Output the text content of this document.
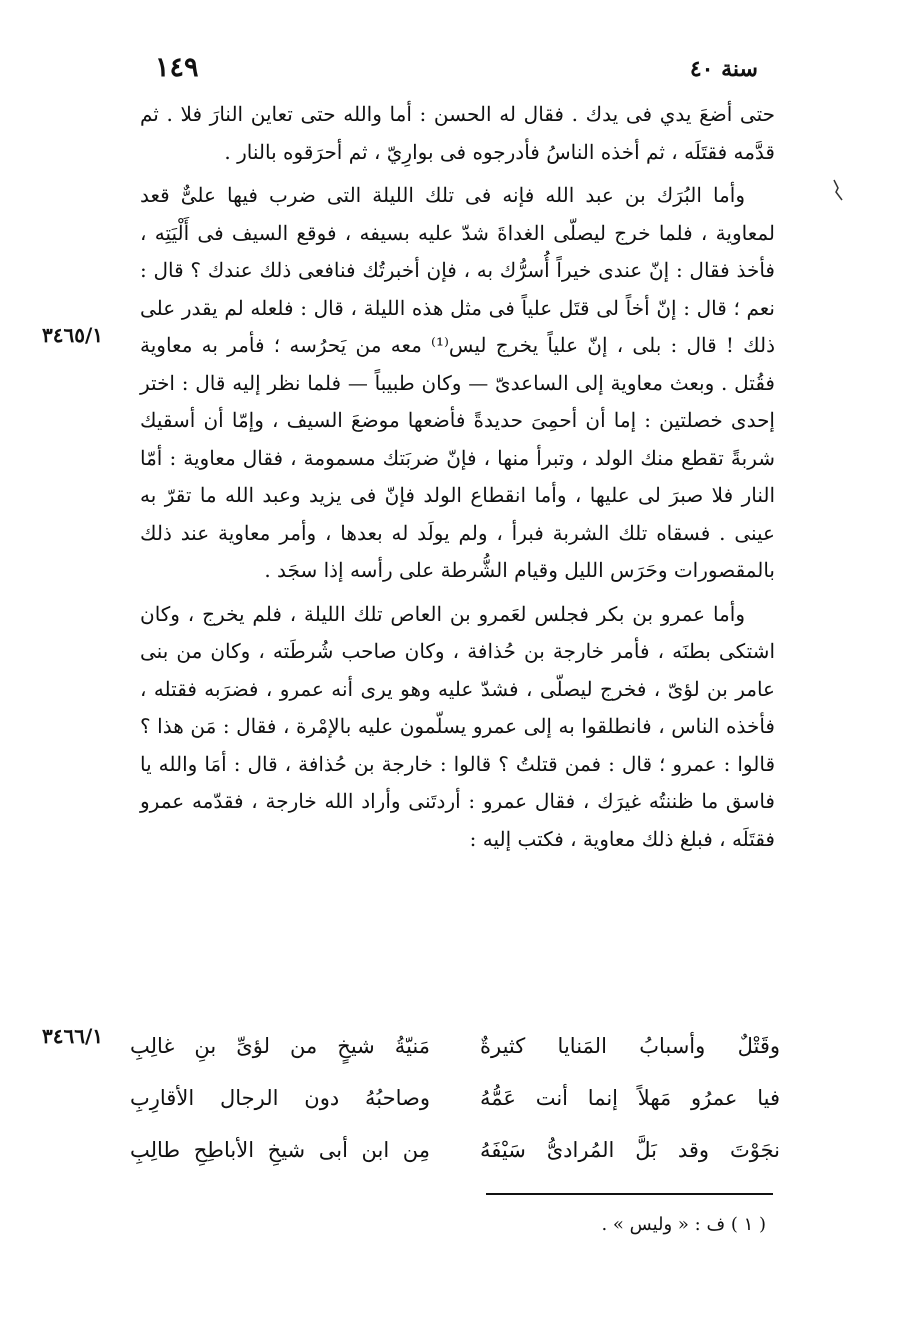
١٤٩	سنة ٤٠

حتى أضعَ يدي فى يدك . فقال له الحسن : أما والله حتى تعاين النارَ فلا . ثم قدَّمه فقتَلَه ، ثم أخذه الناسُ فأدرجوه فى بوارِيّ ، ثم أحرَقوه بالنار .

وأما البُرَك بن عبد الله فإنه فى تلك الليلة التى ضرب فيها علىٌّ قعد لمعاوية ، فلما خرج ليصلّى الغداةَ شدّ عليه بسيفه ، فوقع السيف فى أَلْيَتِه ، فأخذ فقال : إنّ عندى خيراً أُسرُّك به ، فإن أخبرتُك فنافعى ذلك عندك ؟ قال : نعم ؛ قال : إنّ أخاً لى قتَل علياً فى مثل هذه الليلة ، قال : فلعله لم يقدر على ذلك ! قال : بلى ، إنّ علياً يخرج ليس⁽¹⁾ معه من يَحرُسه ؛ فأمر به معاوية فقُتل . وبعث معاوية إلى الساعدىّ — وكان طبيباً — فلما نظر إليه قال : اختر إحدى خصلتين : إما أن أحمِىَ حديدةً فأضعها موضعَ السيف ، وإمّا أن أسقيك شربةً تقطع منك الولد ، وتبرأ منها ، فإنّ ضربَتك مسمومة ، فقال معاوية : أمّا النار فلا صبرَ لى عليها ، وأما انقطاع الولد فإنّ فى يزيد وعبد الله ما تقرّ به عينى . فسقاه تلك الشربة فبرأ ، ولم يولَد له بعدها ، وأمر معاوية عند ذلك بالمقصورات وحَرَس الليل وقيام الشُّرطة على رأسه إذا سجَد .

وأما عمرو بن بكر فجلس لعَمرو بن العاص تلك الليلة ، فلم يخرج ، وكان اشتكى بطنَه ، فأمر خارجة بن حُذافة ، وكان صاحب شُرطَته ، وكان من بنى عامر بن لؤىّ ، فخرج ليصلّى ، فشدّ عليه وهو يرى أنه عمرو ، فضرَبه فقتله ، فأخذه الناس ، فانطلقوا به إلى عمرو يسلّمون عليه بالإمْرة ، فقال : مَن هذا ؟ قالوا : عمرو ؛ قال : فمن قتلتُ ؟ قالوا : خارجة بن حُذافة ، قال : أمَا والله يا فاسق ما ظننتُه غيرَك ، فقال عمرو : أردتَنى وأراد الله خارجة ، فقدّمه عمرو فقتَلَه ، فبلغ ذلك معاوية ، فكتب إليه :

٣٤٦٥/١
٣٤٦٦/١	وقَتْلٌ وأسبابُ المَنايا كثيرةٌ
مَنيّةُ شيخٍ من لؤىِّ بنِ غالِبِ
فيا عمرُو مَهلاً إنما أنت عَمُّهُ
وصاحبُهُ دون الرجال الأقارِبِ
نجَوْتَ وقد بَلَّ المُرادىُّ سَيْفَهُ
مِن ابن أبى شيخِ الأباطِحِ طالِبِ
( ١ ) ف : « وليس » .
